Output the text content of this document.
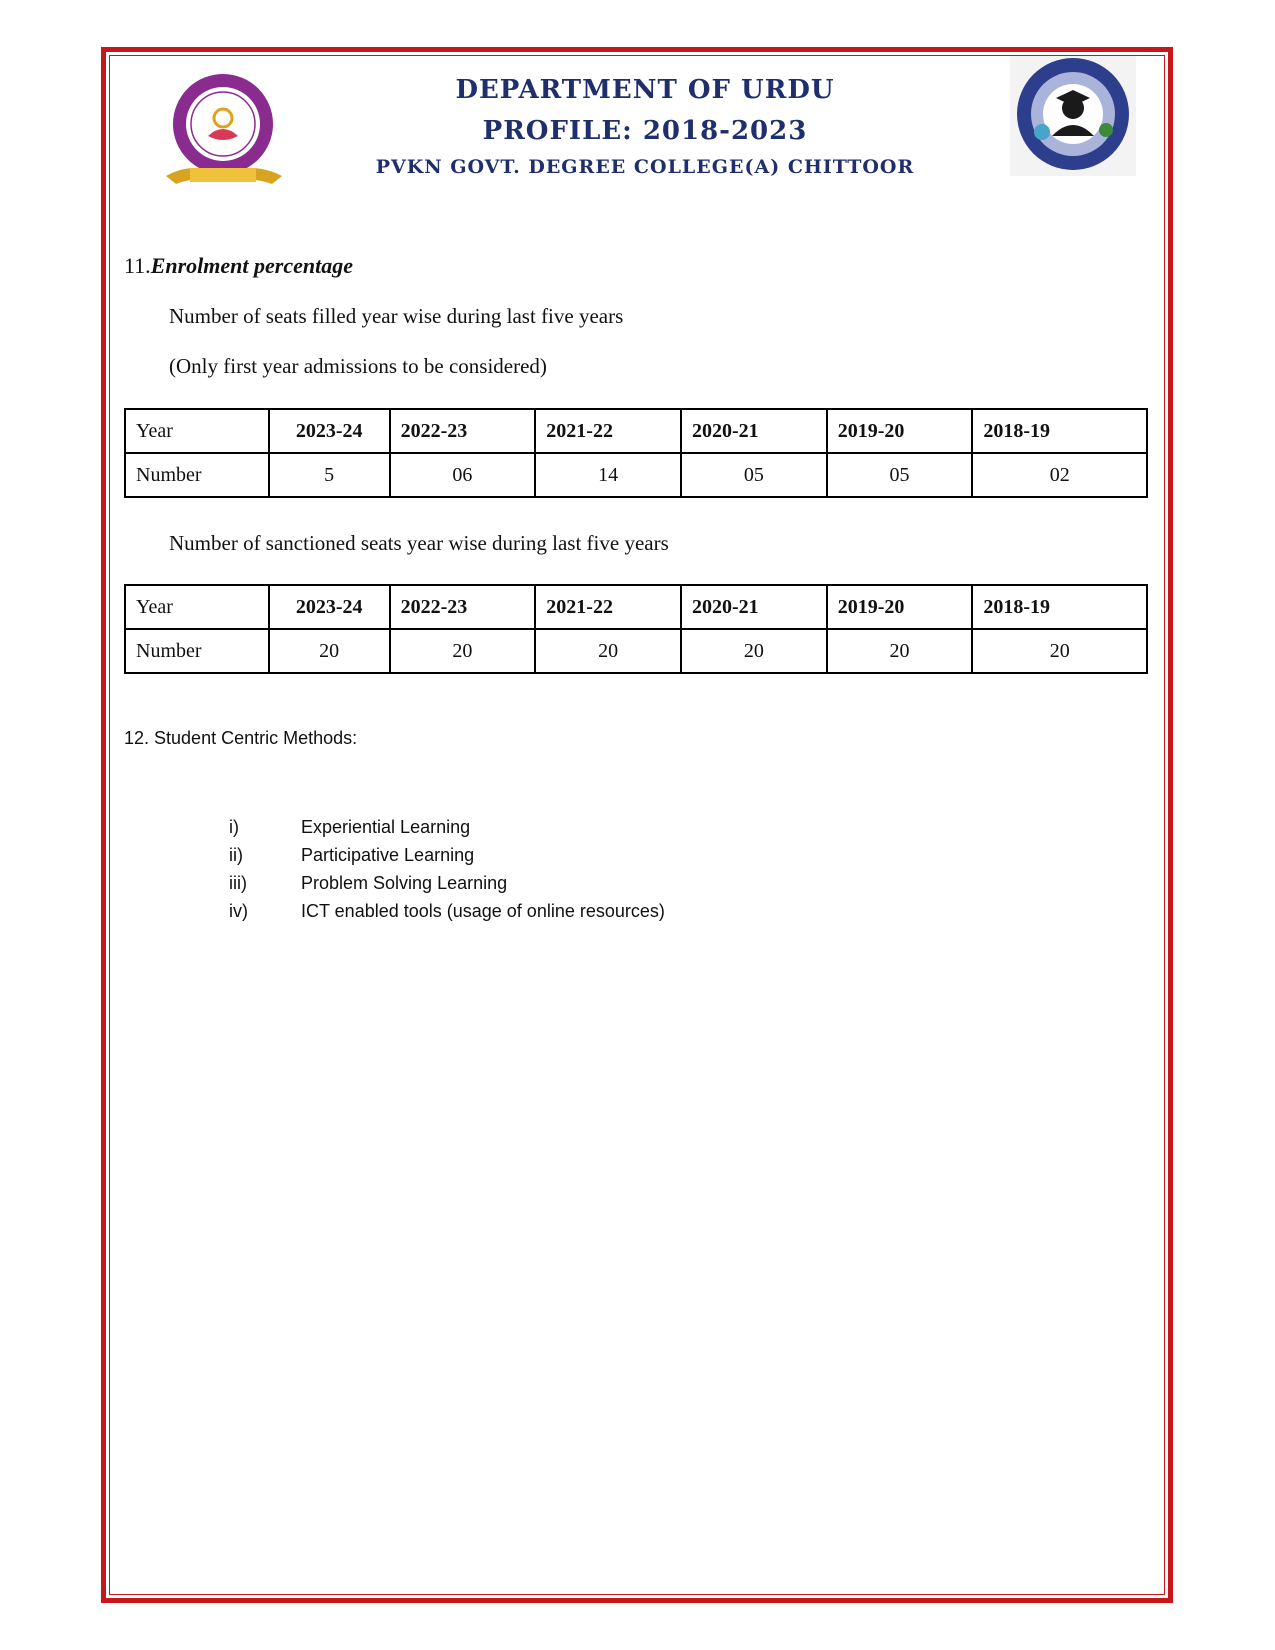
DEPARTMENT OF URDU
PROFILE: 2018-2023
PVKN GOVT. DEGREE COLLEGE(A) CHITTOOR
11.Enrolment percentage
Number of seats filled year wise during last five years
(Only first year admissions to be considered)
Year	2023-24	2022-23	2021-22	2020-21	2019-20	2018-19
Number	5	06	14	05	05	02
Number of sanctioned seats year wise during last five years
Year	2023-24	2022-23	2021-22	2020-21	2019-20	2018-19
Number	20	20	20	20	20	20
12. Student Centric Methods:
i)	Experiential Learning
ii)	Participative Learning
iii)	Problem Solving Learning
iv)	ICT enabled tools (usage of online resources)
